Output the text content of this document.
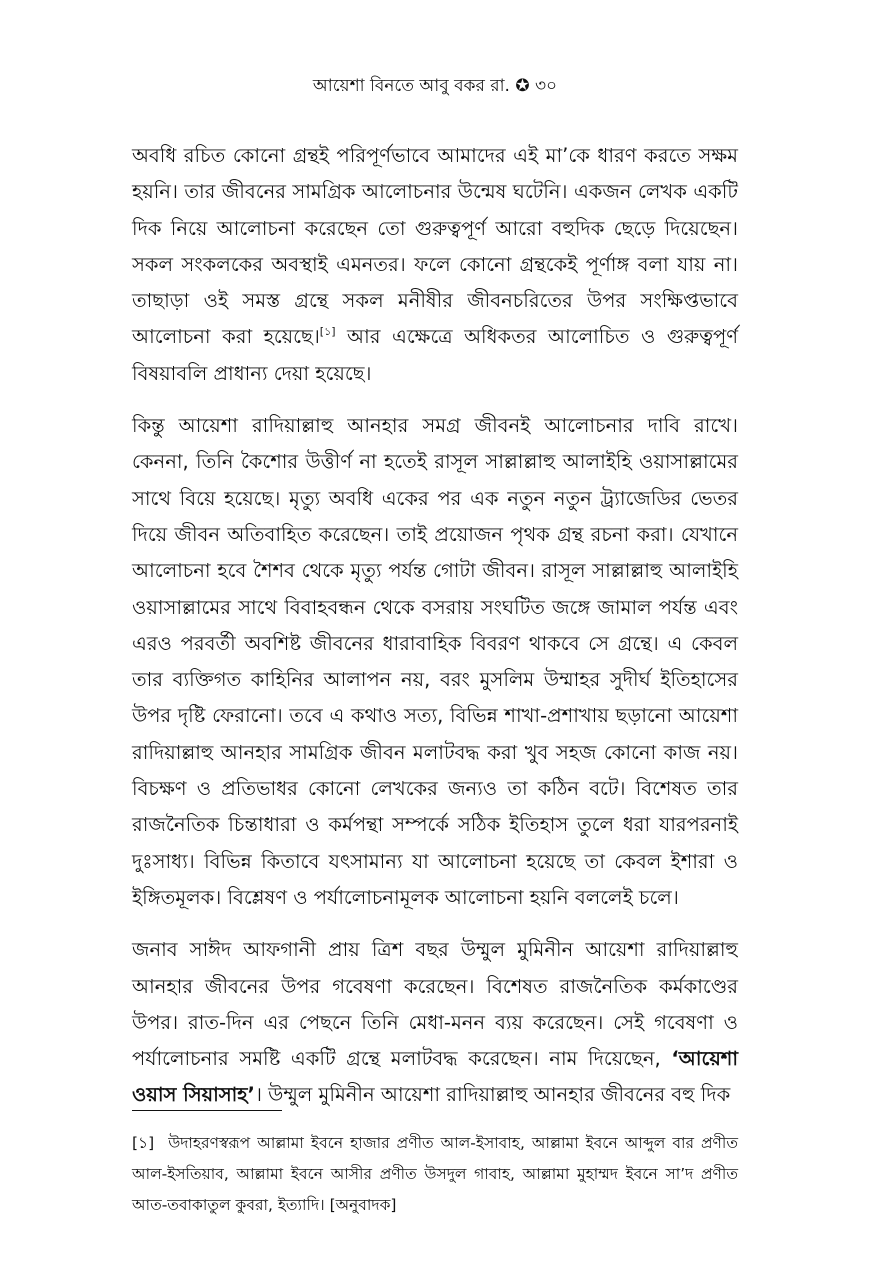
আয়েশা বিনতে আবু বকর রা. ✪ ৩০

অবধি রচিত কোনো গ্রন্থই পরিপূর্ণভাবে আমাদের এই মা’কে ধারণ করতে সক্ষম হয়নি। তার জীবনের সামগ্রিক আলোচনার উন্মেষ ঘটেনি। একজন লেখক একটি দিক নিয়ে আলোচনা করেছেন তো গুরুত্বপূর্ণ আরো বহুদিক ছেড়ে দিয়েছেন। সকল সংকলকের অবস্থাই এমনতর। ফলে কোনো গ্রন্থকেই পূর্ণাঙ্গ বলা যায় না। তাছাড়া ওই সমস্ত গ্রন্থে সকল মনীষীর জীবনচরিতের উপর সংক্ষিপ্তভাবে আলোচনা করা হয়েছে।[১] আর এক্ষেত্রে অধিকতর আলোচিত ও গুরুত্বপূর্ণ বিষয়াবলি প্রাধান্য দেয়া হয়েছে।

কিন্তু আয়েশা রাদিয়াল্লাহু আনহার সমগ্র জীবনই আলোচনার দাবি রাখে। কেননা, তিনি কৈশোর উত্তীর্ণ না হতেই রাসূল সাল্লাল্লাহু আলাইহি ওয়াসাল্লামের সাথে বিয়ে হয়েছে। মৃত্যু অবধি একের পর এক নতুন নতুন ট্র্যাজেডির ভেতর দিয়ে জীবন অতিবাহিত করেছেন। তাই প্রয়োজন পৃথক গ্রন্থ রচনা করা। যেখানে আলোচনা হবে শৈশব থেকে মৃত্যু পর্যন্ত গোটা জীবন। রাসূল সাল্লাল্লাহু আলাইহি ওয়াসাল্লামের সাথে বিবাহবন্ধন থেকে বসরায় সংঘটিত জঙ্গে জামাল পর্যন্ত এবং এরও পরবর্তী অবশিষ্ট জীবনের ধারাবাহিক বিবরণ থাকবে সে গ্রন্থে। এ কেবল তার ব্যক্তিগত কাহিনির আলাপন নয়, বরং মুসলিম উম্মাহর সুদীর্ঘ ইতিহাসের উপর দৃষ্টি ফেরানো। তবে এ কথাও সত্য, বিভিন্ন শাখা-প্রশাখায় ছড়ানো আয়েশা রাদিয়াল্লাহু আনহার সামগ্রিক জীবন মলাটবদ্ধ করা খুব সহজ কোনো কাজ নয়। বিচক্ষণ ও প্রতিভাধর কোনো লেখকের জন্যও তা কঠিন বটে। বিশেষত তার রাজনৈতিক চিন্তাধারা ও কর্মপন্থা সম্পর্কে সঠিক ইতিহাস তুলে ধরা যারপরনাই দুঃসাধ্য। বিভিন্ন কিতাবে যৎসামান্য যা আলোচনা হয়েছে তা কেবল ইশারা ও ইঙ্গিতমূলক। বিশ্লেষণ ও পর্যালোচনামূলক আলোচনা হয়নি বললেই চলে।

জনাব সাঈদ আফগানী প্রায় ত্রিশ বছর উম্মুল মুমিনীন আয়েশা রাদিয়াল্লাহু আনহার জীবনের উপর গবেষণা করেছেন। বিশেষত রাজনৈতিক কর্মকাণ্ডের উপর। রাত-দিন এর পেছনে তিনি মেধা-মনন ব্যয় করেছেন। সেই গবেষণা ও পর্যালোচনার সমষ্টি একটি গ্রন্থে মলাটবদ্ধ করেছেন। নাম দিয়েছেন, ‘আয়েশা ওয়াস সিয়াসাহ’। উম্মুল মুমিনীন আয়েশা রাদিয়াল্লাহু আনহার জীবনের বহু দিক

[১] উদাহরণস্বরূপ আল্লামা ইবনে হাজার প্রণীত আল-ইসাবাহ, আল্লামা ইবনে আব্দুল বার প্রণীত আল-ইসতিয়াব, আল্লামা ইবনে আসীর প্রণীত উসদুল গাবাহ, আল্লামা মুহাম্মদ ইবনে সা’দ প্রণীত আত-তবাকাতুল কুবরা, ইত্যাদি। [অনুবাদক]
